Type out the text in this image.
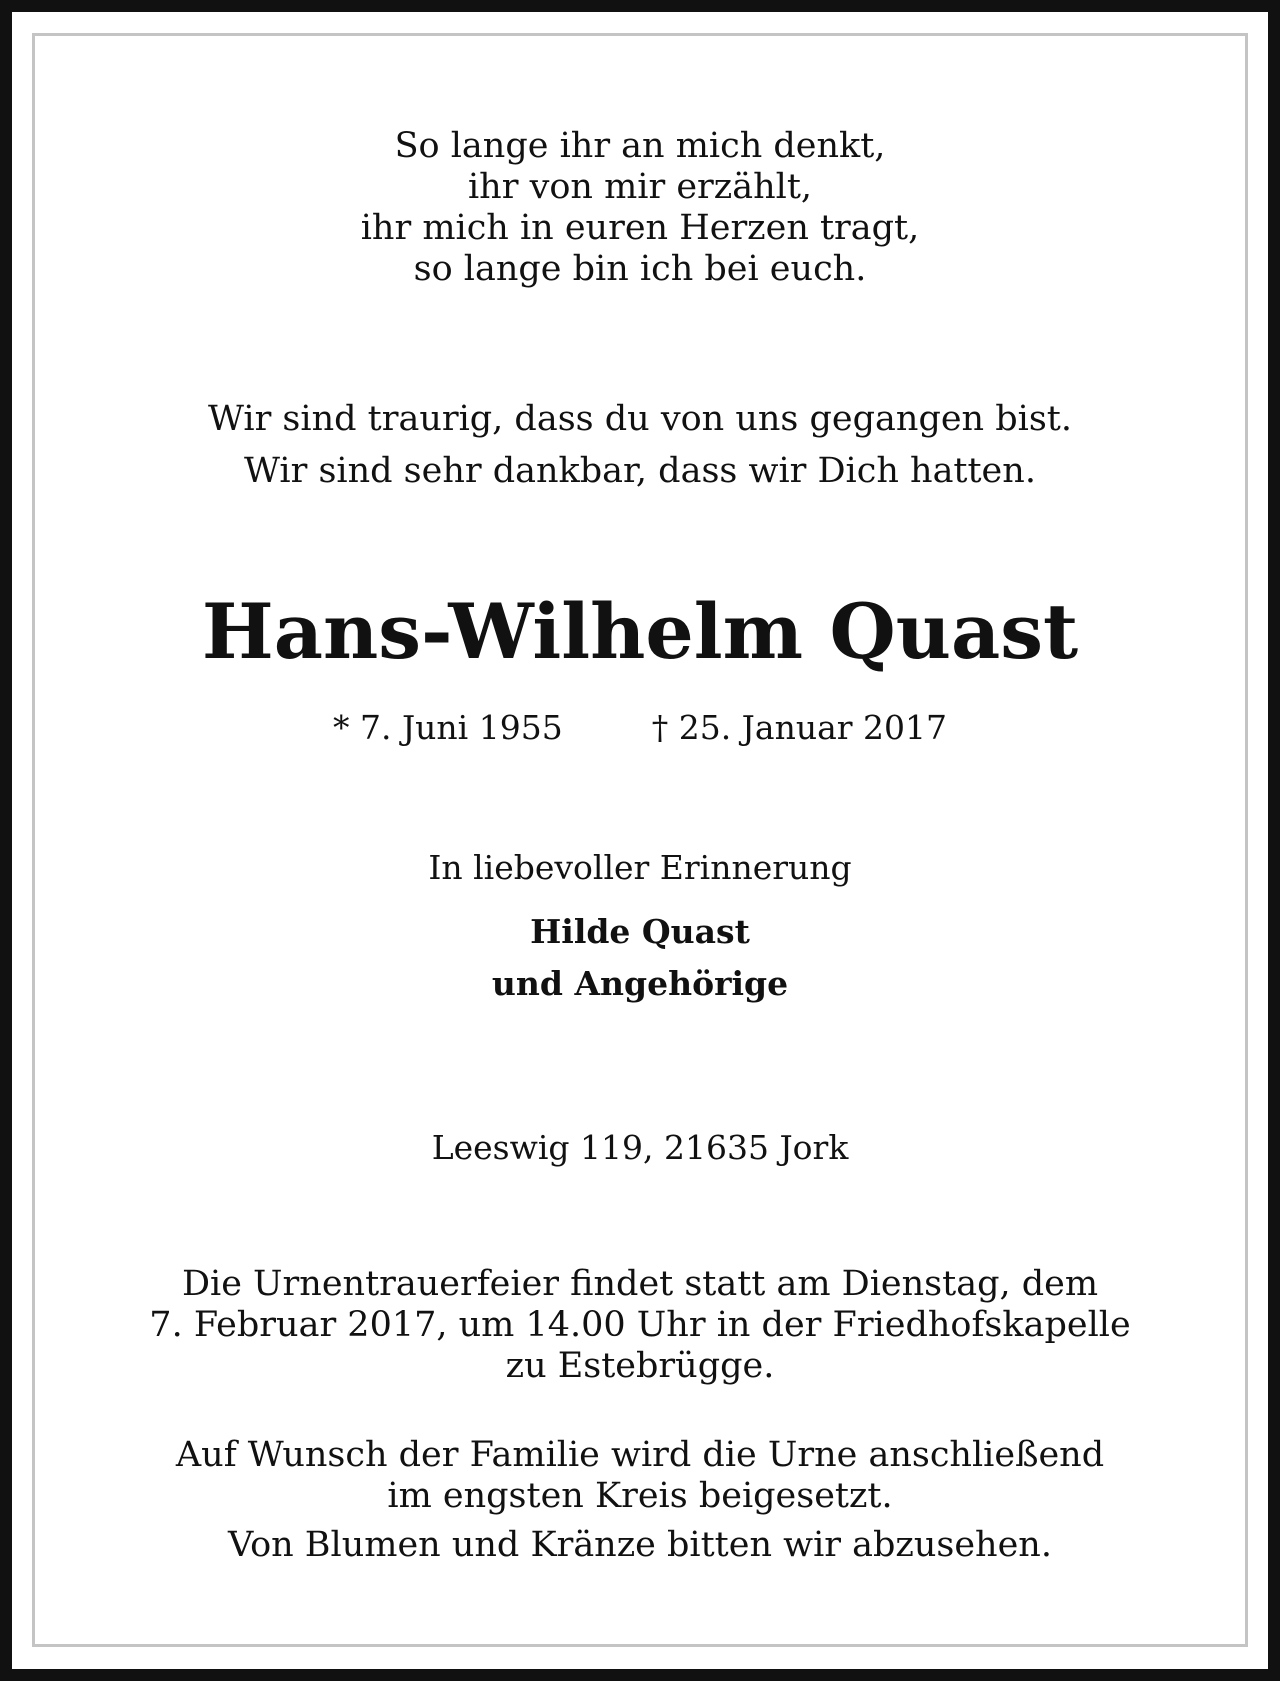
So lange ihr an mich denkt,
ihr von mir erzählt,
ihr mich in euren Herzen tragt,
so lange bin ich bei euch.
Wir sind traurig, dass du von uns gegangen bist.
Wir sind sehr dankbar, dass wir Dich hatten.
Hans-Wilhelm Quast
* 7. Juni 1955	† 25. Januar 2017
In liebevoller Erinnerung
Hilde Quast
und Angehörige
Leeswig 119, 21635 Jork
Die Urnentrauerfeier findet statt am Dienstag, dem
7. Februar 2017, um 14.00 Uhr in der Friedhofskapelle
zu Estebrügge.
Auf Wunsch der Familie wird die Urne anschließend
im engsten Kreis beigesetzt.
Von Blumen und Kränze bitten wir abzusehen.
